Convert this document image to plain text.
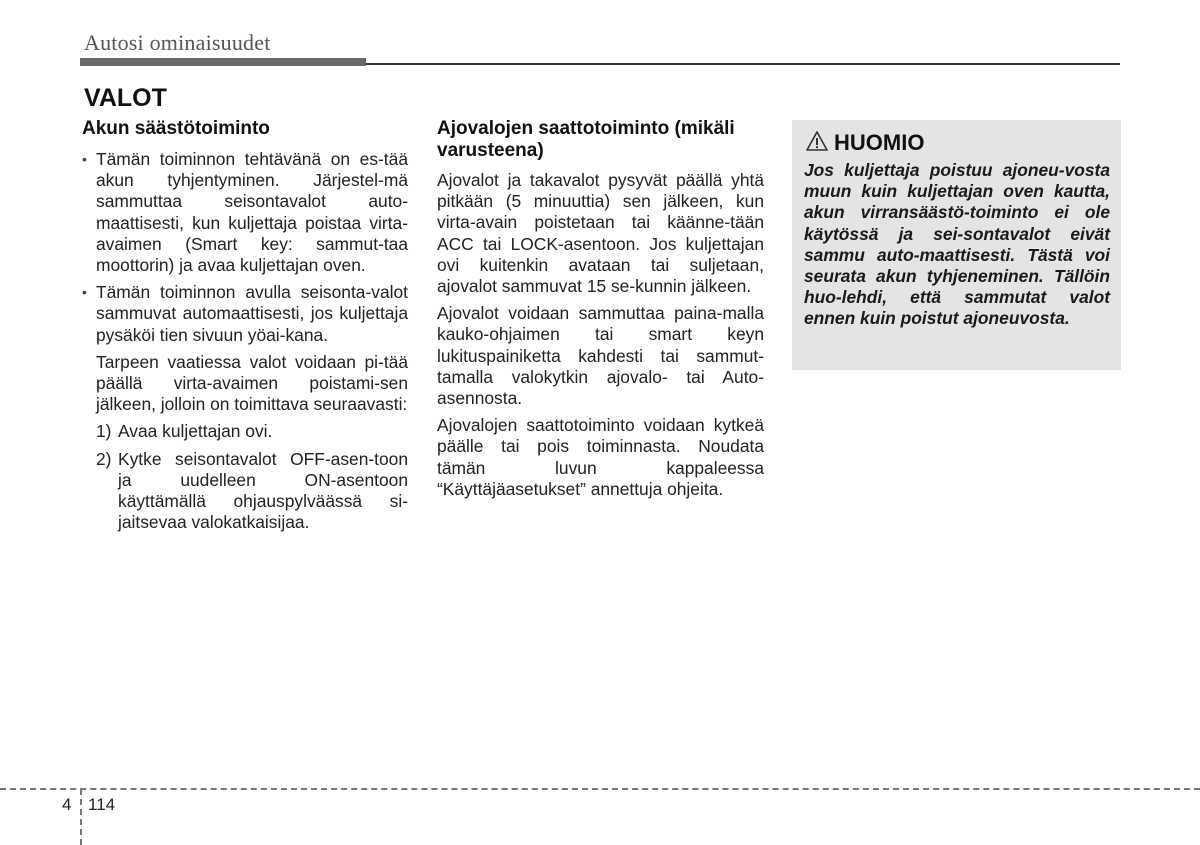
Autosi ominaisuudet
VALOT
Akun säästötoiminto
• Tämän toiminnon tehtävänä on es-tää akun tyhjentyminen. Järjestel-mä sammuttaa seisontavalot auto-maattisesti, kun kuljettaja poistaa virta-avaimen (Smart key: sammut-taa moottorin) ja avaa kuljettajan oven.
• Tämän toiminnon avulla seisonta-valot sammuvat automaattisesti, jos kuljettaja pysäköi tien sivuun yöai-kana.

Tarpeen vaatiessa valot voidaan pi-tää päällä virta-avaimen poistami-sen jälkeen, jolloin on toimittava seuraavasti:

1) Avaa kuljettajan ovi.
2) Kytke seisontavalot OFF-asen-toon ja uudelleen ON-asentoon käyttämällä ohjauspylväässä si-jaitsevaa valokatkaisijaa.
Ajovalojen saattotoiminto (mikäli varusteena)

Ajovalot ja takavalot pysyvät päällä yhtä pitkään (5 minuuttia) sen jälkeen, kun virta-avain poistetaan tai käänne-tään ACC tai LOCK-asentoon. Jos kuljettajan ovi kuitenkin avataan tai suljetaan, ajovalot sammuvat 15 se-kunnin jälkeen.

Ajovalot voidaan sammuttaa paina-malla kauko-ohjaimen tai smart keyn lukituspainiketta kahdesti tai sammut-tamalla valokytkin ajovalo- tai Auto-asennosta.

Ajovalojen saattotoiminto voidaan kytkeä päälle tai pois toiminnasta. Noudata tämän luvun kappaleessa “Käyttäjäasetukset” annettuja ohjeita.

HUOMIO
Jos kuljettaja poistuu ajoneu-vosta muun kuin kuljettajan oven kautta, akun virransäästö-toiminto ei ole käytössä ja sei-sontavalot eivät sammu auto-maattisesti. Tästä voi seurata akun tyhjeneminen. Tällöin huo-lehdi, että sammutat valot ennen kuin poistut ajoneuvosta.
4 114
